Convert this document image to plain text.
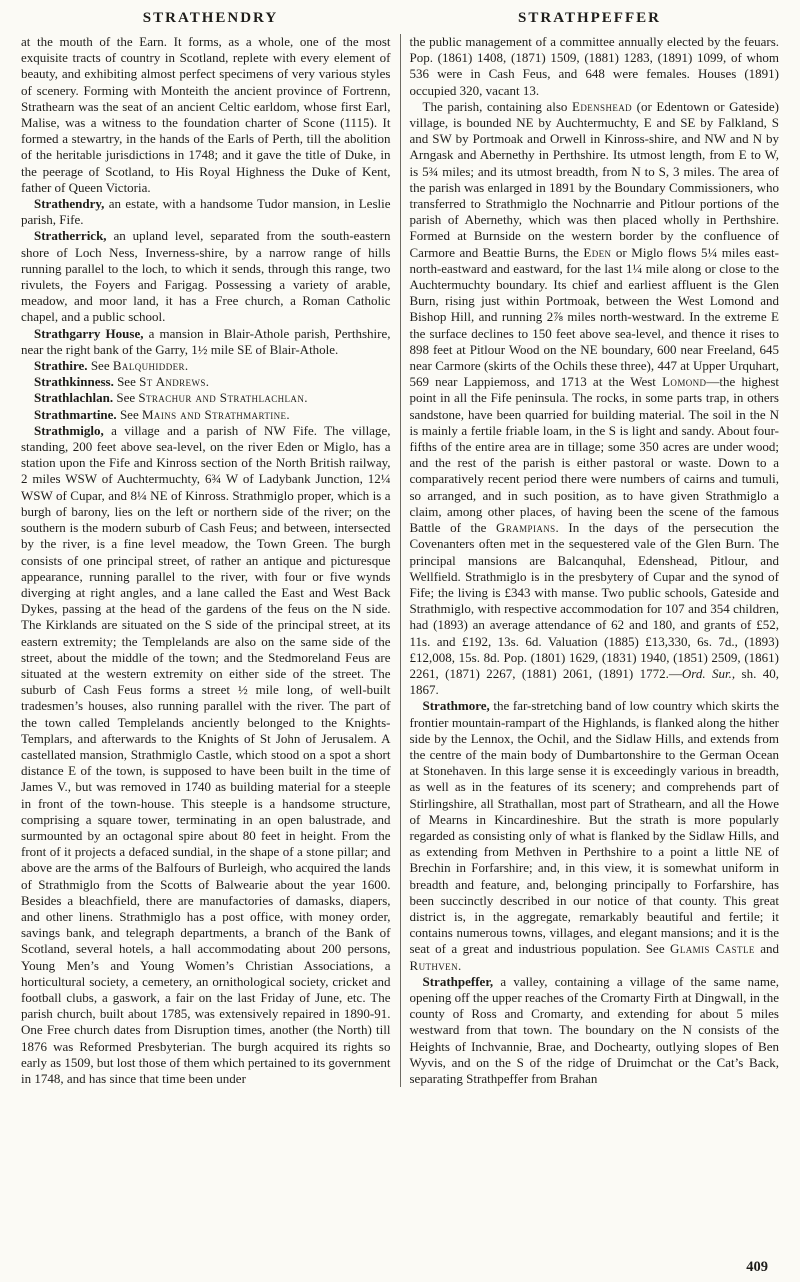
STRATHENDRY	STRATHPEFFER

at the mouth of the Earn. It forms, as a whole, one of the most exquisite tracts of country in Scotland, replete with every element of beauty, and exhibiting almost perfect specimens of very various styles of scenery. Forming with Monteith the ancient province of Fortrenn, Strathearn was the seat of an ancient Celtic earldom, whose first Earl, Malise, was a witness to the foundation charter of Scone (1115). It formed a stewartry, in the hands of the Earls of Perth, till the abolition of the heritable jurisdictions in 1748; and it gave the title of Duke, in the peerage of Scotland, to His Royal Highness the Duke of Kent, father of Queen Victoria.

Strathendry, an estate, with a handsome Tudor mansion, in Leslie parish, Fife.

Stratherrick, an upland level, separated from the south-eastern shore of Loch Ness, Inverness-shire, by a narrow range of hills running parallel to the loch, to which it sends, through this range, two rivulets, the Foyers and Farigag. Possessing a variety of arable, meadow, and moor land, it has a Free church, a Roman Catholic chapel, and a public school.

Strathgarry House, a mansion in Blair-Athole parish, Perthshire, near the right bank of the Garry, 1½ mile SE of Blair-Athole.

Strathire. See Balquhidder.

Strathkinness. See St Andrews.

Strathlachlan. See Strachur and Strathlachlan.

Strathmartine. See Mains and Strathmartine.

Strathmiglo, a village and a parish of NW Fife. The village, standing, 200 feet above sea-level, on the river Eden or Miglo, has a station upon the Fife and Kinross section of the North British railway, 2 miles WSW of Auchtermuchty, 6¾ W of Ladybank Junction, 12¼ WSW of Cupar, and 8¼ NE of Kinross. Strathmiglo proper, which is a burgh of barony, lies on the left or northern side of the river; on the southern is the modern suburb of Cash Feus; and between, intersected by the river, is a fine level meadow, the Town Green. The burgh consists of one principal street, of rather an antique and picturesque appearance, running parallel to the river, with four or five wynds diverging at right angles, and a lane called the East and West Back Dykes, passing at the head of the gardens of the feus on the N side. The Kirklands are situated on the S side of the principal street, at its eastern extremity; the Templelands are also on the same side of the street, about the middle of the town; and the Stedmoreland Feus are situated at the western extremity on either side of the street. The suburb of Cash Feus forms a street ½ mile long, of well-built tradesmen’s houses, also running parallel with the river. The part of the town called Templelands anciently belonged to the Knights-Templars, and afterwards to the Knights of St John of Jerusalem. A castellated mansion, Strathmiglo Castle, which stood on a spot a short distance E of the town, is supposed to have been built in the time of James V., but was removed in 1740 as building material for a steeple in front of the town-house. This steeple is a handsome structure, comprising a square tower, terminating in an open balustrade, and surmounted by an octagonal spire about 80 feet in height. From the front of it projects a defaced sundial, in the shape of a stone pillar; and above are the arms of the Balfours of Burleigh, who acquired the lands of Strathmiglo from the Scotts of Balwearie about the year 1600. Besides a bleachfield, there are manufactories of damasks, diapers, and other linens. Strathmiglo has a post office, with money order, savings bank, and telegraph departments, a branch of the Bank of Scotland, several hotels, a hall accommodating about 200 persons, Young Men’s and Young Women’s Christian Associations, a horticultural society, a cemetery, an ornithological society, cricket and football clubs, a gaswork, a fair on the last Friday of June, etc. The parish church, built about 1785, was extensively repaired in 1890-91. One Free church dates from Disruption times, another (the North) till 1876 was Reformed Presbyterian. The burgh acquired its rights so early as 1509, but lost those of them which pertained to its government in 1748, and has since that time been under

the public management of a committee annually elected by the feuars. Pop. (1861) 1408, (1871) 1509, (1881) 1283, (1891) 1099, of whom 536 were in Cash Feus, and 648 were females. Houses (1891) occupied 320, vacant 13.

The parish, containing also Edenshead (or Edentown or Gateside) village, is bounded NE by Auchtermuchty, E and SE by Falkland, S and SW by Portmoak and Orwell in Kinross-shire, and NW and N by Arngask and Abernethy in Perthshire. Its utmost length, from E to W, is 5¾ miles; and its utmost breadth, from N to S, 3 miles. The area of the parish was enlarged in 1891 by the Boundary Commissioners, who transferred to Strathmiglo the Nochnarrie and Pitlour portions of the parish of Abernethy, which was then placed wholly in Perthshire. Formed at Burnside on the western border by the confluence of Carmore and Beattie Burns, the Eden or Miglo flows 5¼ miles east-north-eastward and eastward, for the last 1¼ mile along or close to the Auchtermuchty boundary. Its chief and earliest affluent is the Glen Burn, rising just within Portmoak, between the West Lomond and Bishop Hill, and running 2⅞ miles north-westward. In the extreme E the surface declines to 150 feet above sea-level, and thence it rises to 898 feet at Pitlour Wood on the NE boundary, 600 near Freeland, 645 near Carmore (skirts of the Ochils these three), 447 at Upper Urquhart, 569 near Lappiemoss, and 1713 at the West Lomond—the highest point in all the Fife peninsula. The rocks, in some parts trap, in others sandstone, have been quarried for building material. The soil in the N is mainly a fertile friable loam, in the S is light and sandy. About four-fifths of the entire area are in tillage; some 350 acres are under wood; and the rest of the parish is either pastoral or waste. Down to a comparatively recent period there were numbers of cairns and tumuli, so arranged, and in such position, as to have given Strathmiglo a claim, among other places, of having been the scene of the famous Battle of the Grampians. In the days of the persecution the Covenanters often met in the sequestered vale of the Glen Burn. The principal mansions are Balcanquhal, Edenshead, Pitlour, and Wellfield. Strathmiglo is in the presbytery of Cupar and the synod of Fife; the living is £343 with manse. Two public schools, Gateside and Strathmiglo, with respective accommodation for 107 and 354 children, had (1893) an average attendance of 62 and 180, and grants of £52, 11s. and £192, 13s. 6d. Valuation (1885) £13,330, 6s. 7d., (1893) £12,008, 15s. 8d. Pop. (1801) 1629, (1831) 1940, (1851) 2509, (1861) 2261, (1871) 2267, (1881) 2061, (1891) 1772.—Ord. Sur., sh. 40, 1867.

Strathmore, the far-stretching band of low country which skirts the frontier mountain-rampart of the Highlands, is flanked along the hither side by the Lennox, the Ochil, and the Sidlaw Hills, and extends from the centre of the main body of Dumbartonshire to the German Ocean at Stonehaven. In this large sense it is exceedingly various in breadth, as well as in the features of its scenery; and comprehends part of Stirlingshire, all Strathallan, most part of Strathearn, and all the Howe of Mearns in Kincardineshire. But the strath is more popularly regarded as consisting only of what is flanked by the Sidlaw Hills, and as extending from Methven in Perthshire to a point a little NE of Brechin in Forfarshire; and, in this view, it is somewhat uniform in breadth and feature, and, belonging principally to Forfarshire, has been succinctly described in our notice of that county. This great district is, in the aggregate, remarkably beautiful and fertile; it contains numerous towns, villages, and elegant mansions; and it is the seat of a great and industrious population. See Glamis Castle and Ruthven.

Strathpeffer, a valley, containing a village of the same name, opening off the upper reaches of the Cromarty Firth at Dingwall, in the county of Ross and Cromarty, and extending for about 5 miles westward from that town. The boundary on the N consists of the Heights of Inchvannie, Brae, and Dochearty, outlying slopes of Ben Wyvis, and on the S of the ridge of Druimchat or the Cat’s Back, separating Strathpeffer from Brahan

409
